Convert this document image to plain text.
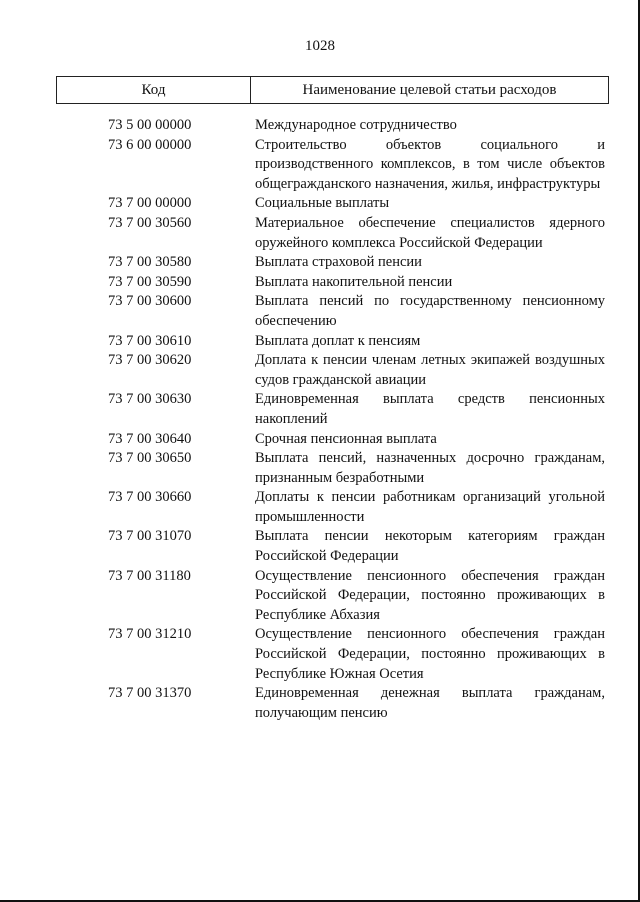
1028
Код	Наименование целевой статьи расходов
73 5 00 00000	Международное сотрудничество
73 6 00 00000	Строительство объектов социального и производственного комплексов, в том числе объектов общегражданского назначения, жилья, инфраструктуры
73 7 00 00000	Социальные выплаты
73 7 00 30560	Материальное обеспечение специалистов ядерного оружейного комплекса Российской Федерации
73 7 00 30580	Выплата страховой пенсии
73 7 00 30590	Выплата накопительной пенсии
73 7 00 30600	Выплата пенсий по государственному пенсионному обеспечению
73 7 00 30610	Выплата доплат к пенсиям
73 7 00 30620	Доплата к пенсии членам летных экипажей воздушных судов гражданской авиации
73 7 00 30630	Единовременная выплата средств пенсионных накоплений
73 7 00 30640	Срочная пенсионная выплата
73 7 00 30650	Выплата пенсий, назначенных досрочно гражданам, признанным безработными
73 7 00 30660	Доплаты к пенсии работникам организаций угольной промышленности
73 7 00 31070	Выплата пенсии некоторым категориям граждан Российской Федерации
73 7 00 31180	Осуществление пенсионного обеспечения граждан Российской Федерации, постоянно проживающих в Республике Абхазия
73 7 00 31210	Осуществление пенсионного обеспечения граждан Российской Федерации, постоянно проживающих в Республике Южная Осетия
73 7 00 31370	Единовременная денежная выплата гражданам, получающим пенсию
